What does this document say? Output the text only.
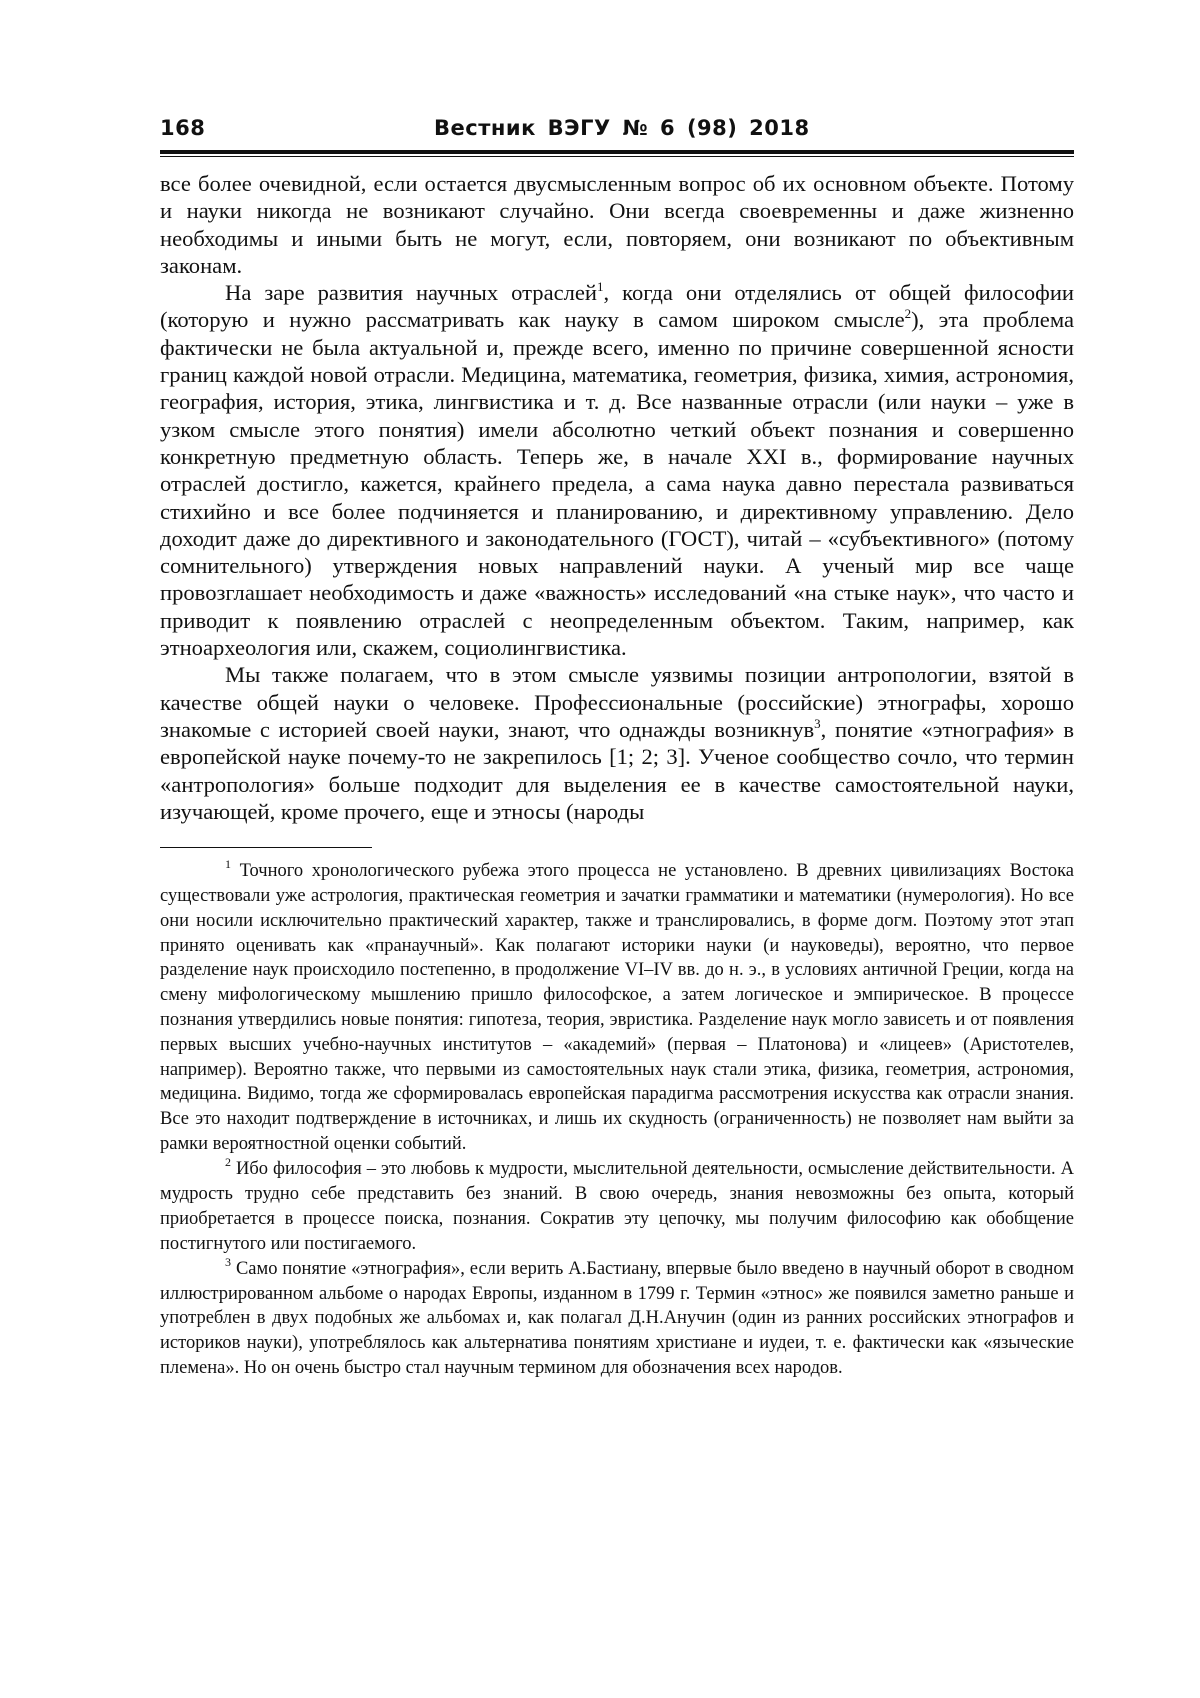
168	Вестник ВЭГУ № 6 (98) 2018

все более очевидной, если остается двусмысленным вопрос об их основном объекте. Потому и науки никогда не возникают случайно. Они всегда своевременны и даже жизненно необходимы и иными быть не могут, если, повторяем, они возникают по объективным законам.

На заре развития научных отраслей$^1$, когда они отделялись от общей философии (которую и нужно рассматривать как науку в самом широком смысле$^2$), эта проблема фактически не была актуальной и, прежде всего, именно по причине совершенной ясности границ каждой новой отрасли. Медицина, математика, геометрия, физика, химия, астрономия, география, история, этика, лингвистика и т. д. Все названные отрасли (или науки – уже в узком смысле этого понятия) имели абсолютно четкий объект познания и совершенно конкретную предметную область. Теперь же, в начале XXI в., формирование научных отраслей достигло, кажется, крайнего предела, а сама наука давно перестала развиваться стихийно и все более подчиняется и планированию, и директивному управлению. Дело доходит даже до директивного и законодательного (ГОСТ), читай – «субъективного» (потому сомнительного) утверждения новых направлений науки. А ученый мир все чаще провозглашает необходимость и даже «важность» исследований «на стыке наук», что часто и приводит к появлению отраслей с неопределенным объектом. Таким, например, как этноархеология или, скажем, социолингвистика.

Мы также полагаем, что в этом смысле уязвимы позиции антропологии, взятой в качестве общей науки о человеке. Профессиональные (российские) этнографы, хорошо знакомые с историей своей науки, знают, что однажды возникнув$^3$, понятие «этнография» в европейской науке почему-то не закрепилось [1; 2; 3]. Ученое сообщество сочло, что термин «антропология» больше подходит для выделения ее в качестве самостоятельной науки, изучающей, кроме прочего, еще и этносы (народы

$^1$ Точного хронологического рубежа этого процесса не установлено. В древних цивилизациях Востока существовали уже астрология, практическая геометрия и зачатки грамматики и математики (нумерология). Но все они носили исключительно практический характер, также и транслировались, в форме догм. Поэтому этот этап принято оценивать как «пранаучный». Как полагают историки науки (и науковеды), вероятно, что первое разделение наук происходило постепенно, в продолжение VI–IV вв. до н. э., в условиях античной Греции, когда на смену мифологическому мышлению пришло философское, а затем логическое и эмпирическое. В процессе познания утвердились новые понятия: гипотеза, теория, эвристика. Разделение наук могло зависеть и от появления первых высших учебно-научных институтов – «академий» (первая – Платонова) и «лицеев» (Аристотелев, например). Вероятно также, что первыми из самостоятельных наук стали этика, физика, геометрия, астрономия, медицина. Видимо, тогда же сформировалась европейская парадигма рассмотрения искусства как отрасли знания. Все это находит подтверждение в источниках, и лишь их скудность (ограниченность) не позволяет нам выйти за рамки вероятностной оценки событий.

$^2$ Ибо философия – это любовь к мудрости, мыслительной деятельности, осмысление действительности. А мудрость трудно себе представить без знаний. В свою очередь, знания невозможны без опыта, который приобретается в процессе поиска, познания. Сократив эту цепочку, мы получим философию как обобщение постигнутого или постигаемого.

$^3$ Само понятие «этнография», если верить А.Бастиану, впервые было введено в научный оборот в сводном иллюстрированном альбоме о народах Европы, изданном в 1799 г. Термин «этнос» же появился заметно раньше и употреблен в двух подобных же альбомах и, как полагал Д.Н.Анучин (один из ранних российских этнографов и историков науки), употреблялось как альтернатива понятиям христиане и иудеи, т. е. фактически как «языческие племена». Но он очень быстро стал научным термином для обозначения всех народов.
